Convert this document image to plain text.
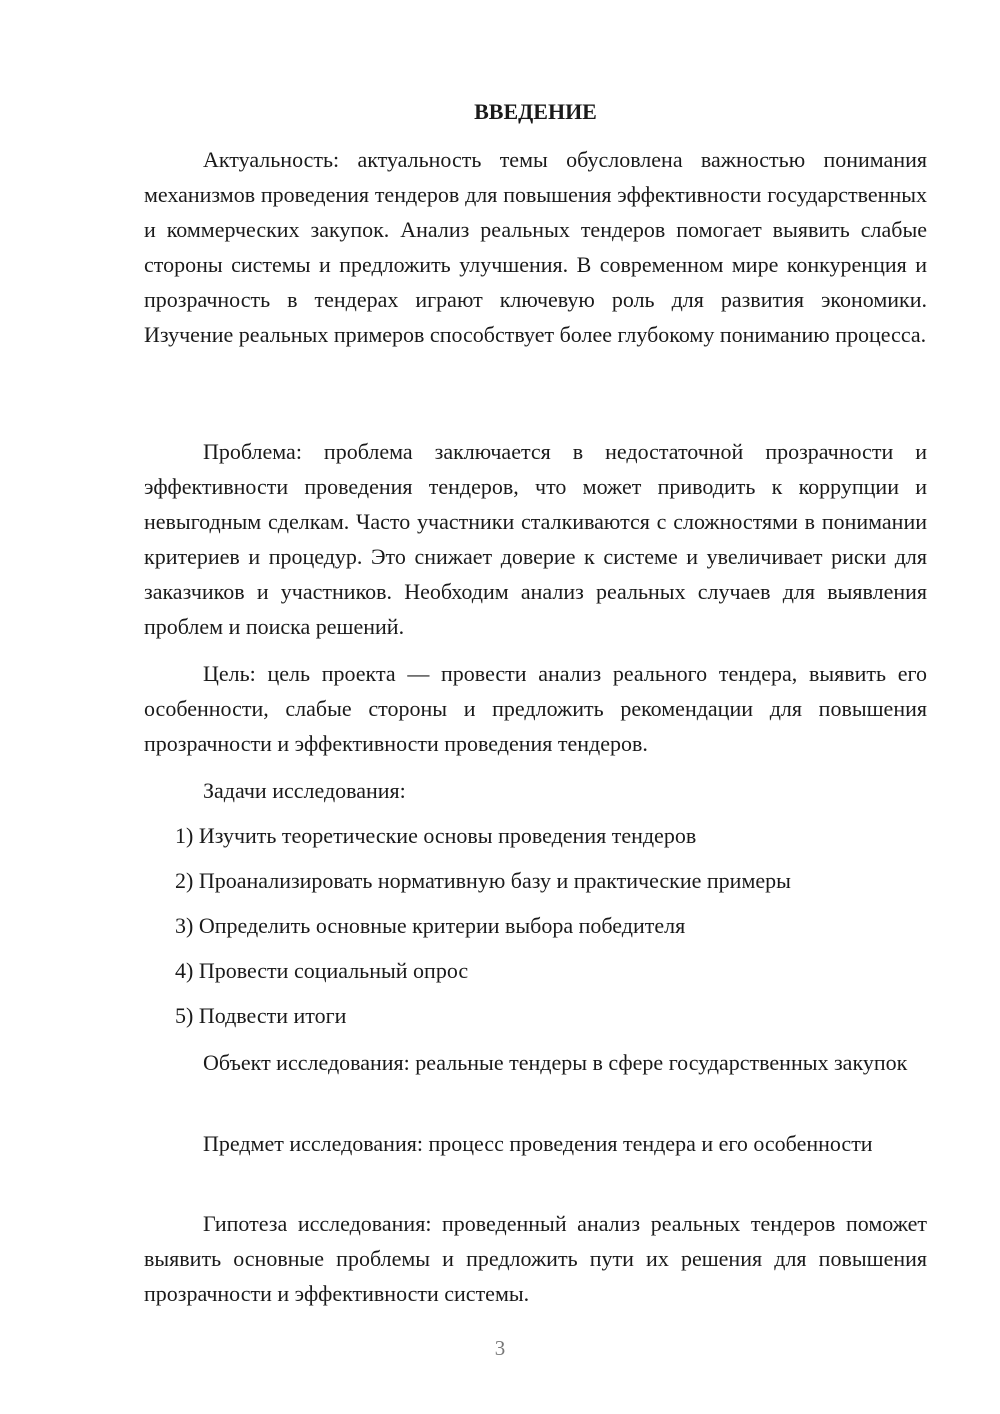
ВВЕДЕНИЕ

Актуальность: актуальность темы обусловлена важностью понимания механизмов проведения тендеров для повышения эффективности государственных и коммерческих закупок. Анализ реальных тендеров помогает выявить слабые стороны системы и предложить улучшения. В современном мире конкуренция и прозрачность в тендерах играют ключевую роль для развития экономики. Изучение реальных примеров способствует более глубокому пониманию процесса.

Проблема: проблема заключается в недостаточной прозрачности и эффективности проведения тендеров, что может приводить к коррупции и невыгодным сделкам. Часто участники сталкиваются с сложностями в понимании критериев и процедур. Это снижает доверие к системе и увеличивает риски для заказчиков и участников. Необходим анализ реальных случаев для выявления проблем и поиска решений.

Цель: цель проекта — провести анализ реального тендера, выявить его особенности, слабые стороны и предложить рекомендации для повышения прозрачности и эффективности проведения тендеров.

Задачи исследования:

1) Изучить теоретические основы проведения тендеров

2) Проанализировать нормативную базу и практические примеры

3) Определить основные критерии выбора победителя

4) Провести социальный опрос

5) Подвести итоги

Объект исследования: реальные тендеры в сфере государственных закупок

Предмет исследования: процесс проведения тендера и его особенности

Гипотеза исследования: проведенный анализ реальных тендеров поможет выявить основные проблемы и предложить пути их решения для повышения прозрачности и эффективности системы.

3
